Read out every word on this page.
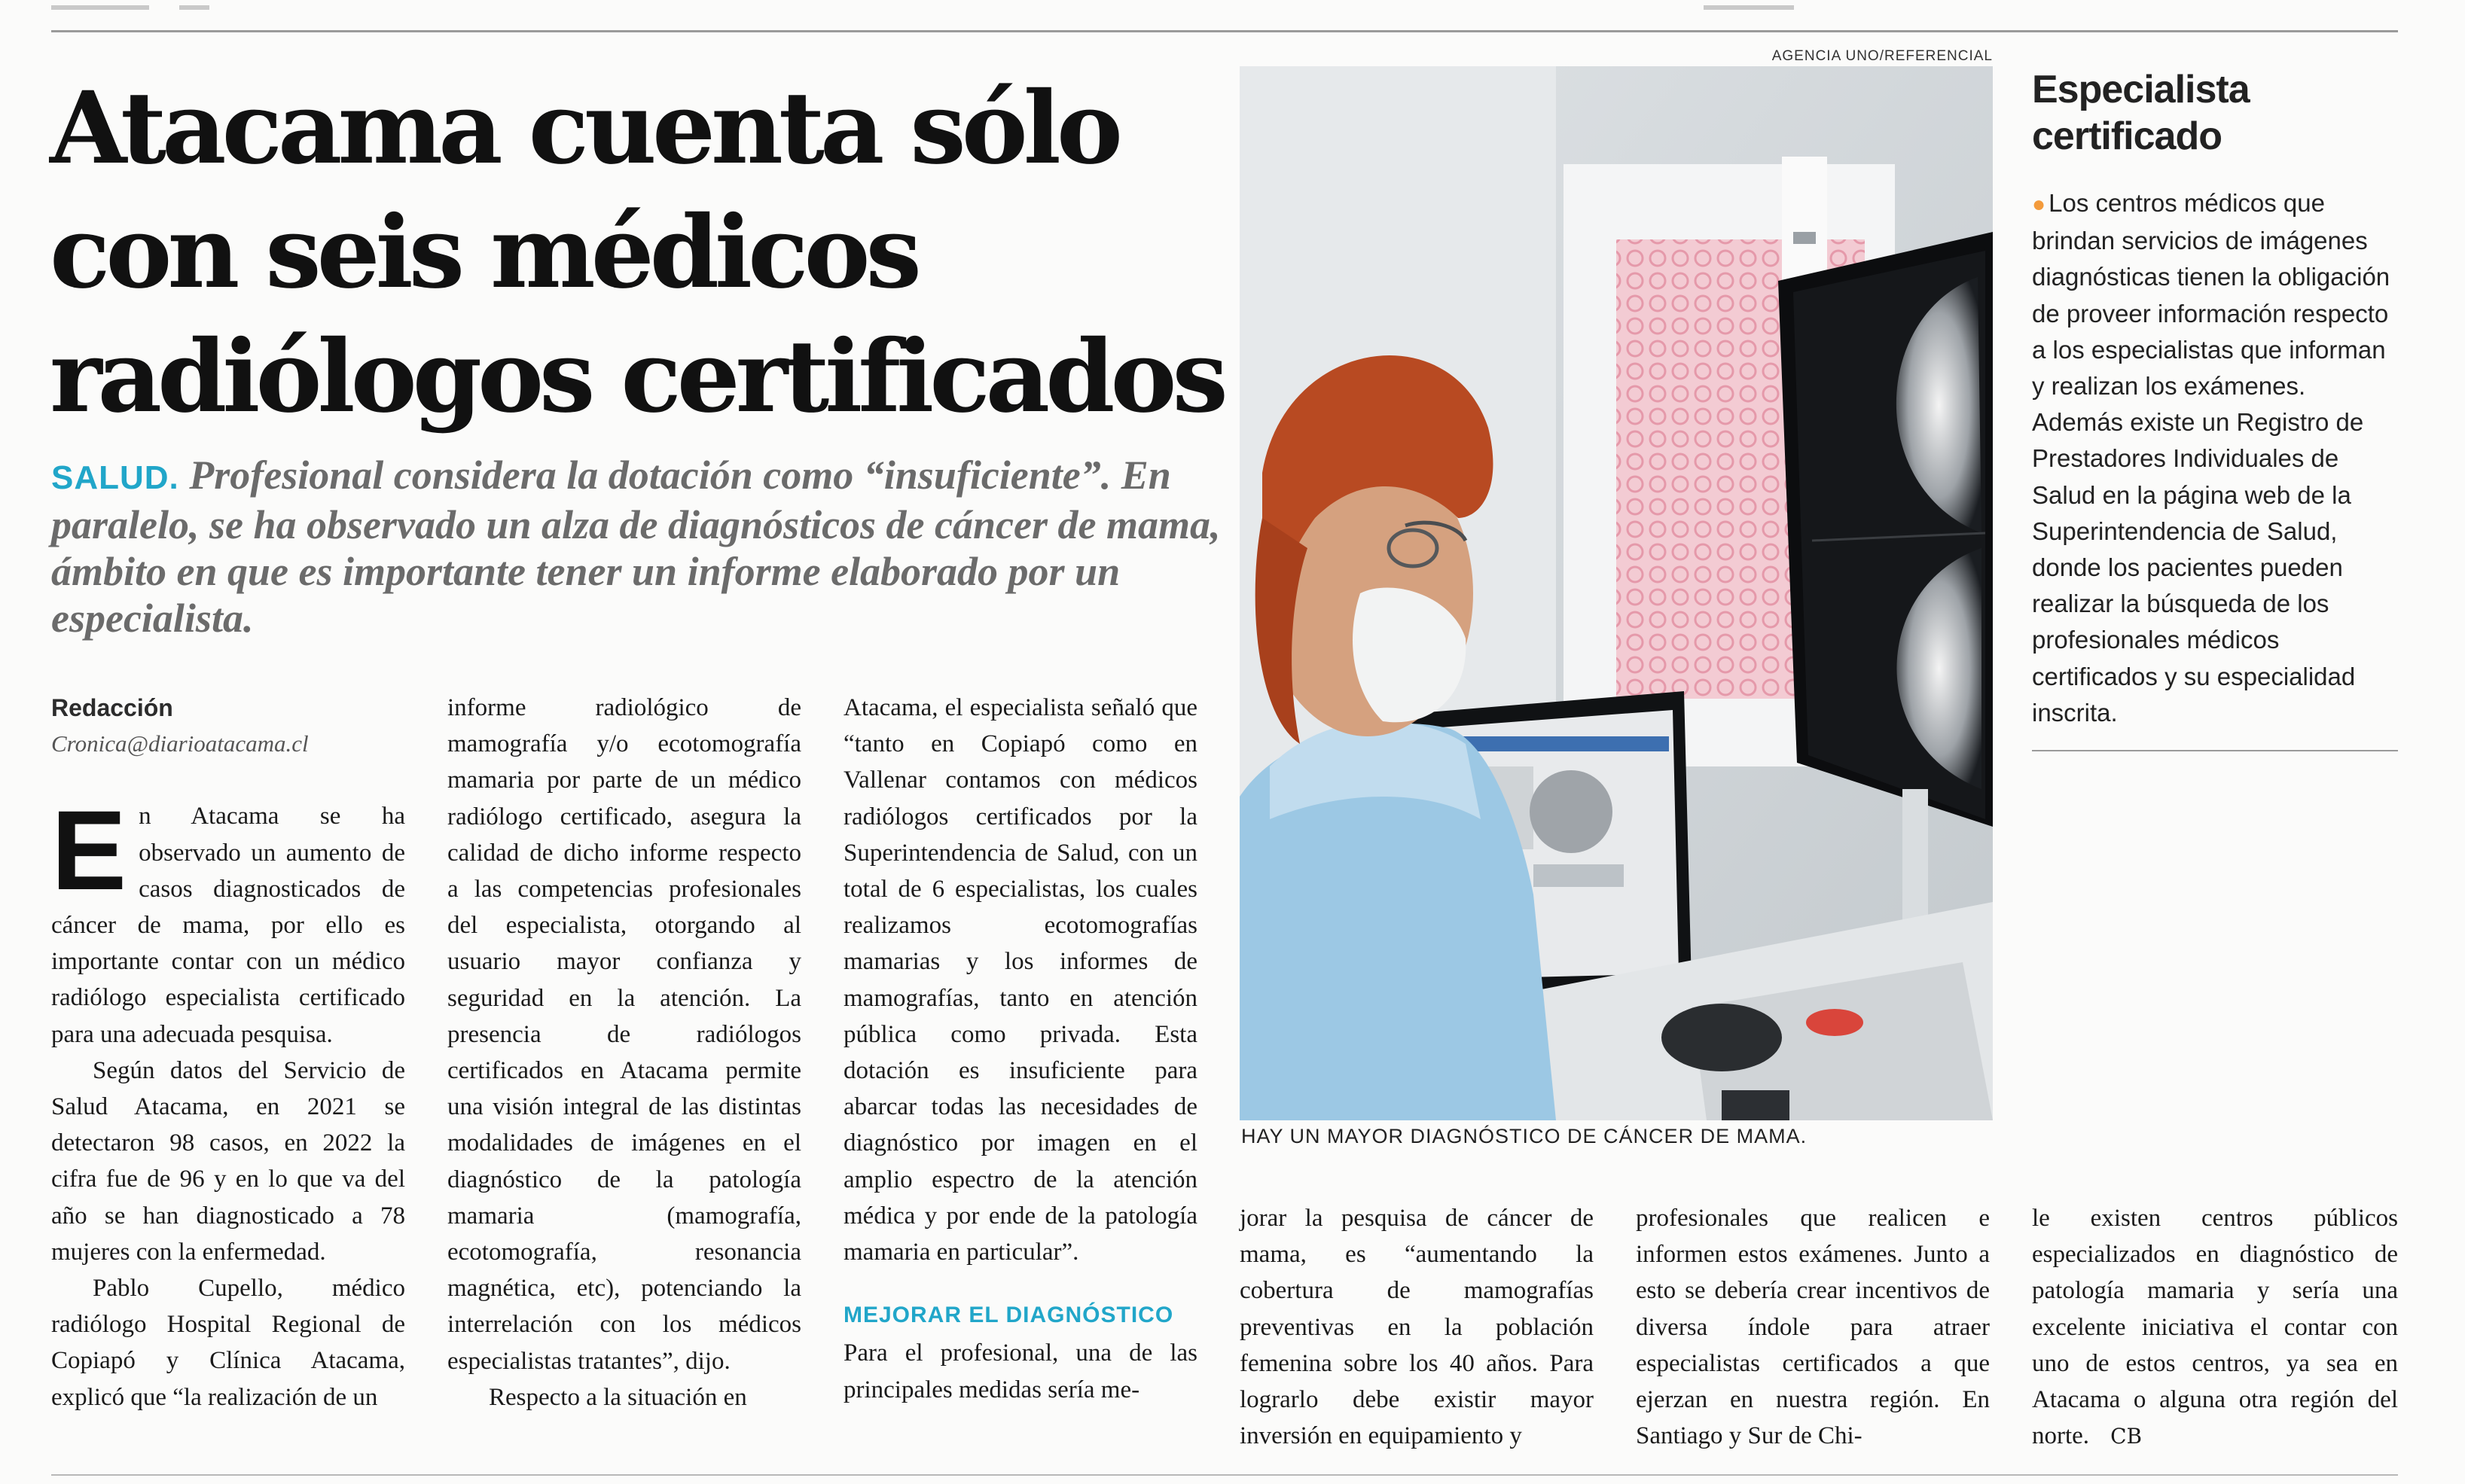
Atacama cuenta sólo con seis médicos radiólogos certificados

SALUD. Profesional considera la dotación como “insuficiente”. En paralelo, se ha observado un alza de diagnósticos de cáncer de mama, ámbito en que es importante tener un informe elaborado por un especialista.

Redacción

Cronica@diarioatacama.cl

En Atacama se ha observado un aumento de casos diagnosticados de cáncer de mama, por ello es importante contar con un médico radiólogo especialista certificado para una adecuada pesquisa.

Según datos del Servicio de Salud Atacama, en 2021 se detectaron 98 casos, en 2022 la cifra fue de 96 y en lo que va del año se han diagnosticado a 78 mujeres con la enfermedad.

Pablo Cupello, médico radiólogo Hospital Regional de Copiapó y Clínica Atacama, explicó que “la realización de un

informe radiológico de mamografía y/o ecotomografía mamaria por parte de un médico radiólogo certificado, asegura la calidad de dicho informe respecto a las competencias profesionales del especialista, otorgando al usuario mayor confianza y seguridad en la atención. La presencia de radiólogos certificados en Atacama permite una visión integral de las distintas modalidades de imágenes en el diagnóstico de la patología mamaria (mamografía, ecotomografía, resonancia magnética, etc), potenciando la interrelación con los médicos especialistas tratantes”, dijo.

Respecto a la situación en

Atacama, el especialista señaló que “tanto en Copiapó como en Vallenar contamos con médicos radiólogos certificados por la Superintendencia de Salud, con un total de 6 especialistas, los cuales realizamos ecotomografías mamarias y los informes de mamografías, tanto en atención pública como privada. Esta dotación es insuficiente para abarcar todas las necesidades de diagnóstico por imagen en el amplio espectro de la atención médica y por ende de la patología mamaria en particular”.

MEJORAR EL DIAGNÓSTICO

Para el profesional, una de las principales medidas sería me-

jorar la pesquisa de cáncer de mama, es “aumentando la cobertura de mamografías preventivas en la población femenina sobre los 40 años. Para lograrlo debe existir mayor inversión en equipamiento y

profesionales que realicen e informen estos exámenes. Junto a esto se debería crear incentivos de diversa índole para atraer especialistas certificados a que ejerzan en nuestra región. En Santiago y Sur de Chi-

le existen centros públicos especializados en diagnóstico de patología mamaria y sería una excelente iniciativa el contar con uno de estos centros, ya sea en Atacama o alguna otra región del norte. CB

AGENCIA UNO/REFERENCIAL
HAY UN MAYOR DIAGNÓSTICO DE CÁNCER DE MAMA.
Especialista certificado

● Los centros médicos que brindan servicios de imágenes diagnósticas tienen la obligación de proveer información respecto a los especialistas que informan y realizan los exámenes. Además existe un Registro de Prestadores Individuales de Salud en la página web de la Superintendencia de Salud, donde los pacientes pueden realizar la búsqueda de los profesionales médicos certificados y su especialidad inscrita.
